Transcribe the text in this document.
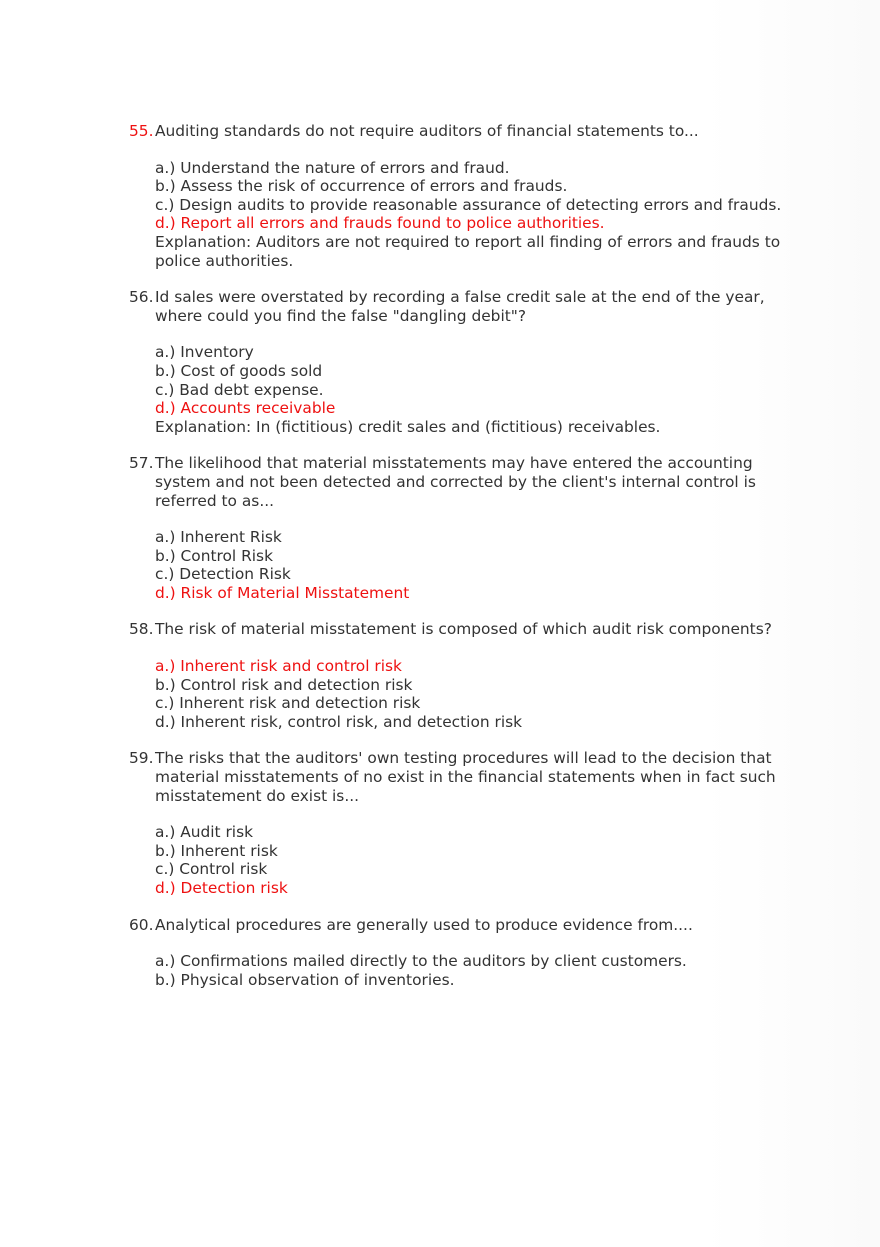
55. Auditing standards do not require auditors of financial statements to...
a.) Understand the nature of errors and fraud.
b.) Assess the risk of occurrence of errors and frauds.
c.) Design audits to provide reasonable assurance of detecting errors and frauds.
d.) Report all errors and frauds found to police authorities.
Explanation: Auditors are not required to report all finding of errors and frauds to police authorities.
56. Id sales were overstated by recording a false credit sale at the end of the year, where could you find the false "dangling debit"?
a.) Inventory
b.) Cost of goods sold
c.) Bad debt expense.
d.) Accounts receivable
Explanation: In (fictitious) credit sales and (fictitious) receivables.
57. The likelihood that material misstatements may have entered the accounting system and not been detected and corrected by the client's internal control is referred to as...
a.) Inherent Risk
b.) Control Risk
c.) Detection Risk
d.) Risk of Material Misstatement
58. The risk of material misstatement is composed of which audit risk components?
a.) Inherent risk and control risk
b.) Control risk and detection risk
c.) Inherent risk and detection risk
d.) Inherent risk, control risk, and detection risk
59. The risks that the auditors' own testing procedures will lead to the decision that material misstatements of no exist in the financial statements when in fact such misstatement do exist is...
a.) Audit risk
b.) Inherent risk
c.) Control risk
d.) Detection risk
60. Analytical procedures are generally used to produce evidence from....
a.) Confirmations mailed directly to the auditors by client customers.
b.) Physical observation of inventories.
